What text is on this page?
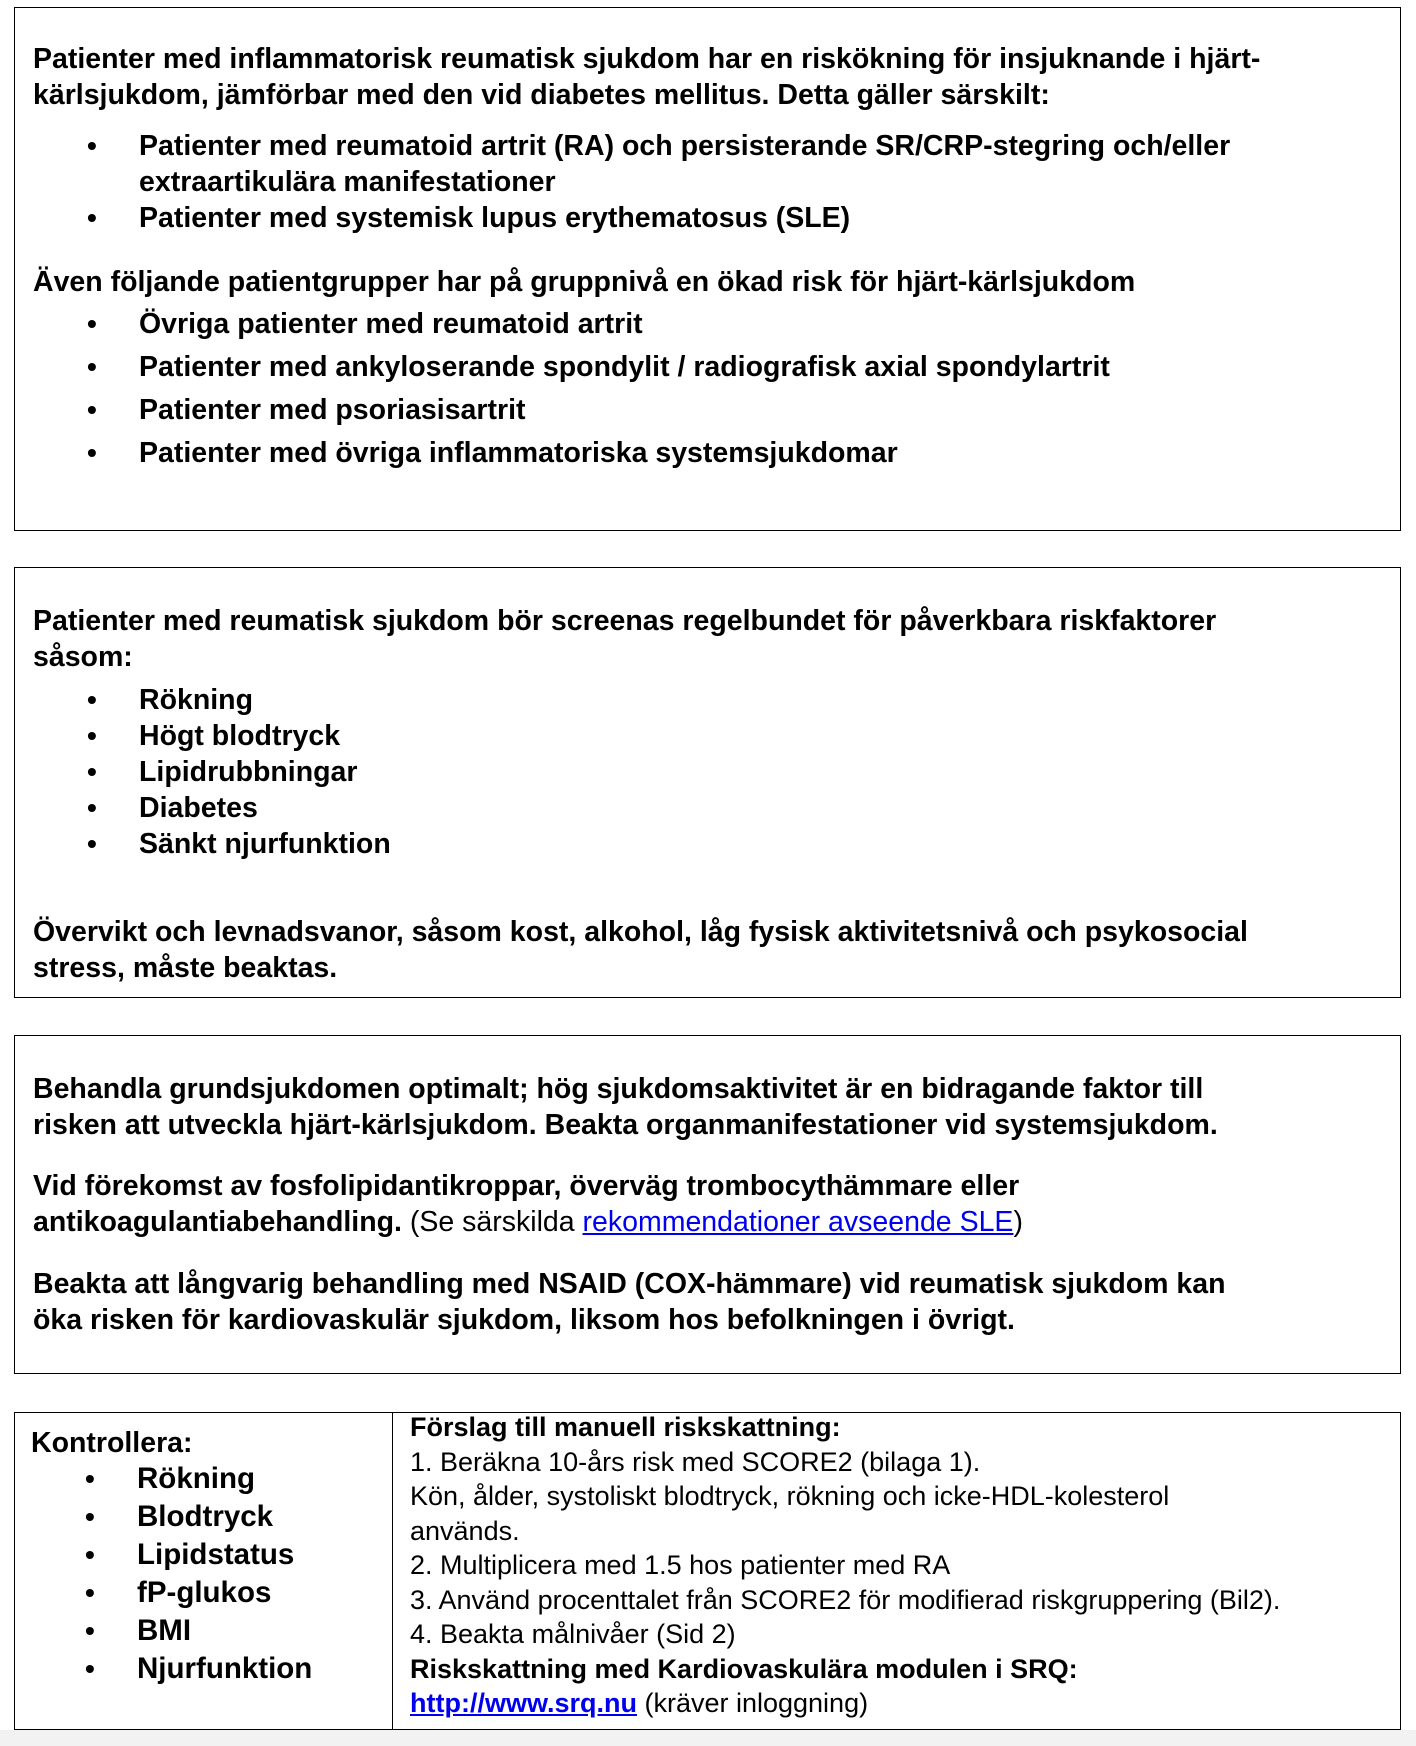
Patienter med inflammatorisk reumatisk sjukdom har en riskökning för insjuknande i hjärt-

kärlsjukdom, jämförbar med den vid diabetes mellitus. Detta gäller särskilt:

• Patienter med reumatoid artrit (RA) och persisterande SR/CRP-stegring och/eller
extraartikulära manifestationer
• Patienter med systemisk lupus erythematosus (SLE)

Även följande patientgrupper har på gruppnivå en ökad risk för hjärt-kärlsjukdom

• Övriga patienter med reumatoid artrit
• Patienter med ankyloserande spondylit / radiografisk axial spondylartrit
• Patienter med psoriasisartrit
• Patienter med övriga inflammatoriska systemsjukdomar

Patienter med reumatisk sjukdom bör screenas regelbundet för påverkbara riskfaktorer

såsom:

• Rökning
• Högt blodtryck
• Lipidrubbningar
• Diabetes
• Sänkt njurfunktion

Övervikt och levnadsvanor, såsom kost, alkohol, låg fysisk aktivitetsnivå och psykosocial

stress, måste beaktas.

Behandla grundsjukdomen optimalt; hög sjukdomsaktivitet är en bidragande faktor till

risken att utveckla hjärt-kärlsjukdom. Beakta organmanifestationer vid systemsjukdom.

Vid förekomst av fosfolipidantikroppar, överväg trombocythämmare eller

antikoagulantiabehandling. (Se särskilda rekommendationer avseende SLE)

Beakta att långvarig behandling med NSAID (COX-hämmare) vid reumatisk sjukdom kan

öka risken för kardiovaskulär sjukdom, liksom hos befolkningen i övrigt.

Kontrollera:

• Rökning
• Blodtryck
• Lipidstatus
• fP-glukos
• BMI
• Njurfunktion

Förslag till manuell riskskattning:

1. Beräkna 10-års risk med SCORE2 (bilaga 1).

Kön, ålder, systoliskt blodtryck, rökning och icke-HDL-kolesterol

används.

2. Multiplicera med 1.5 hos patienter med RA

3. Använd procenttalet från SCORE2 för modifierad riskgruppering (Bil2).

4. Beakta målnivåer (Sid 2)

Riskskattning med Kardiovaskulära modulen i SRQ:

http://www.srq.nu (kräver inloggning)
